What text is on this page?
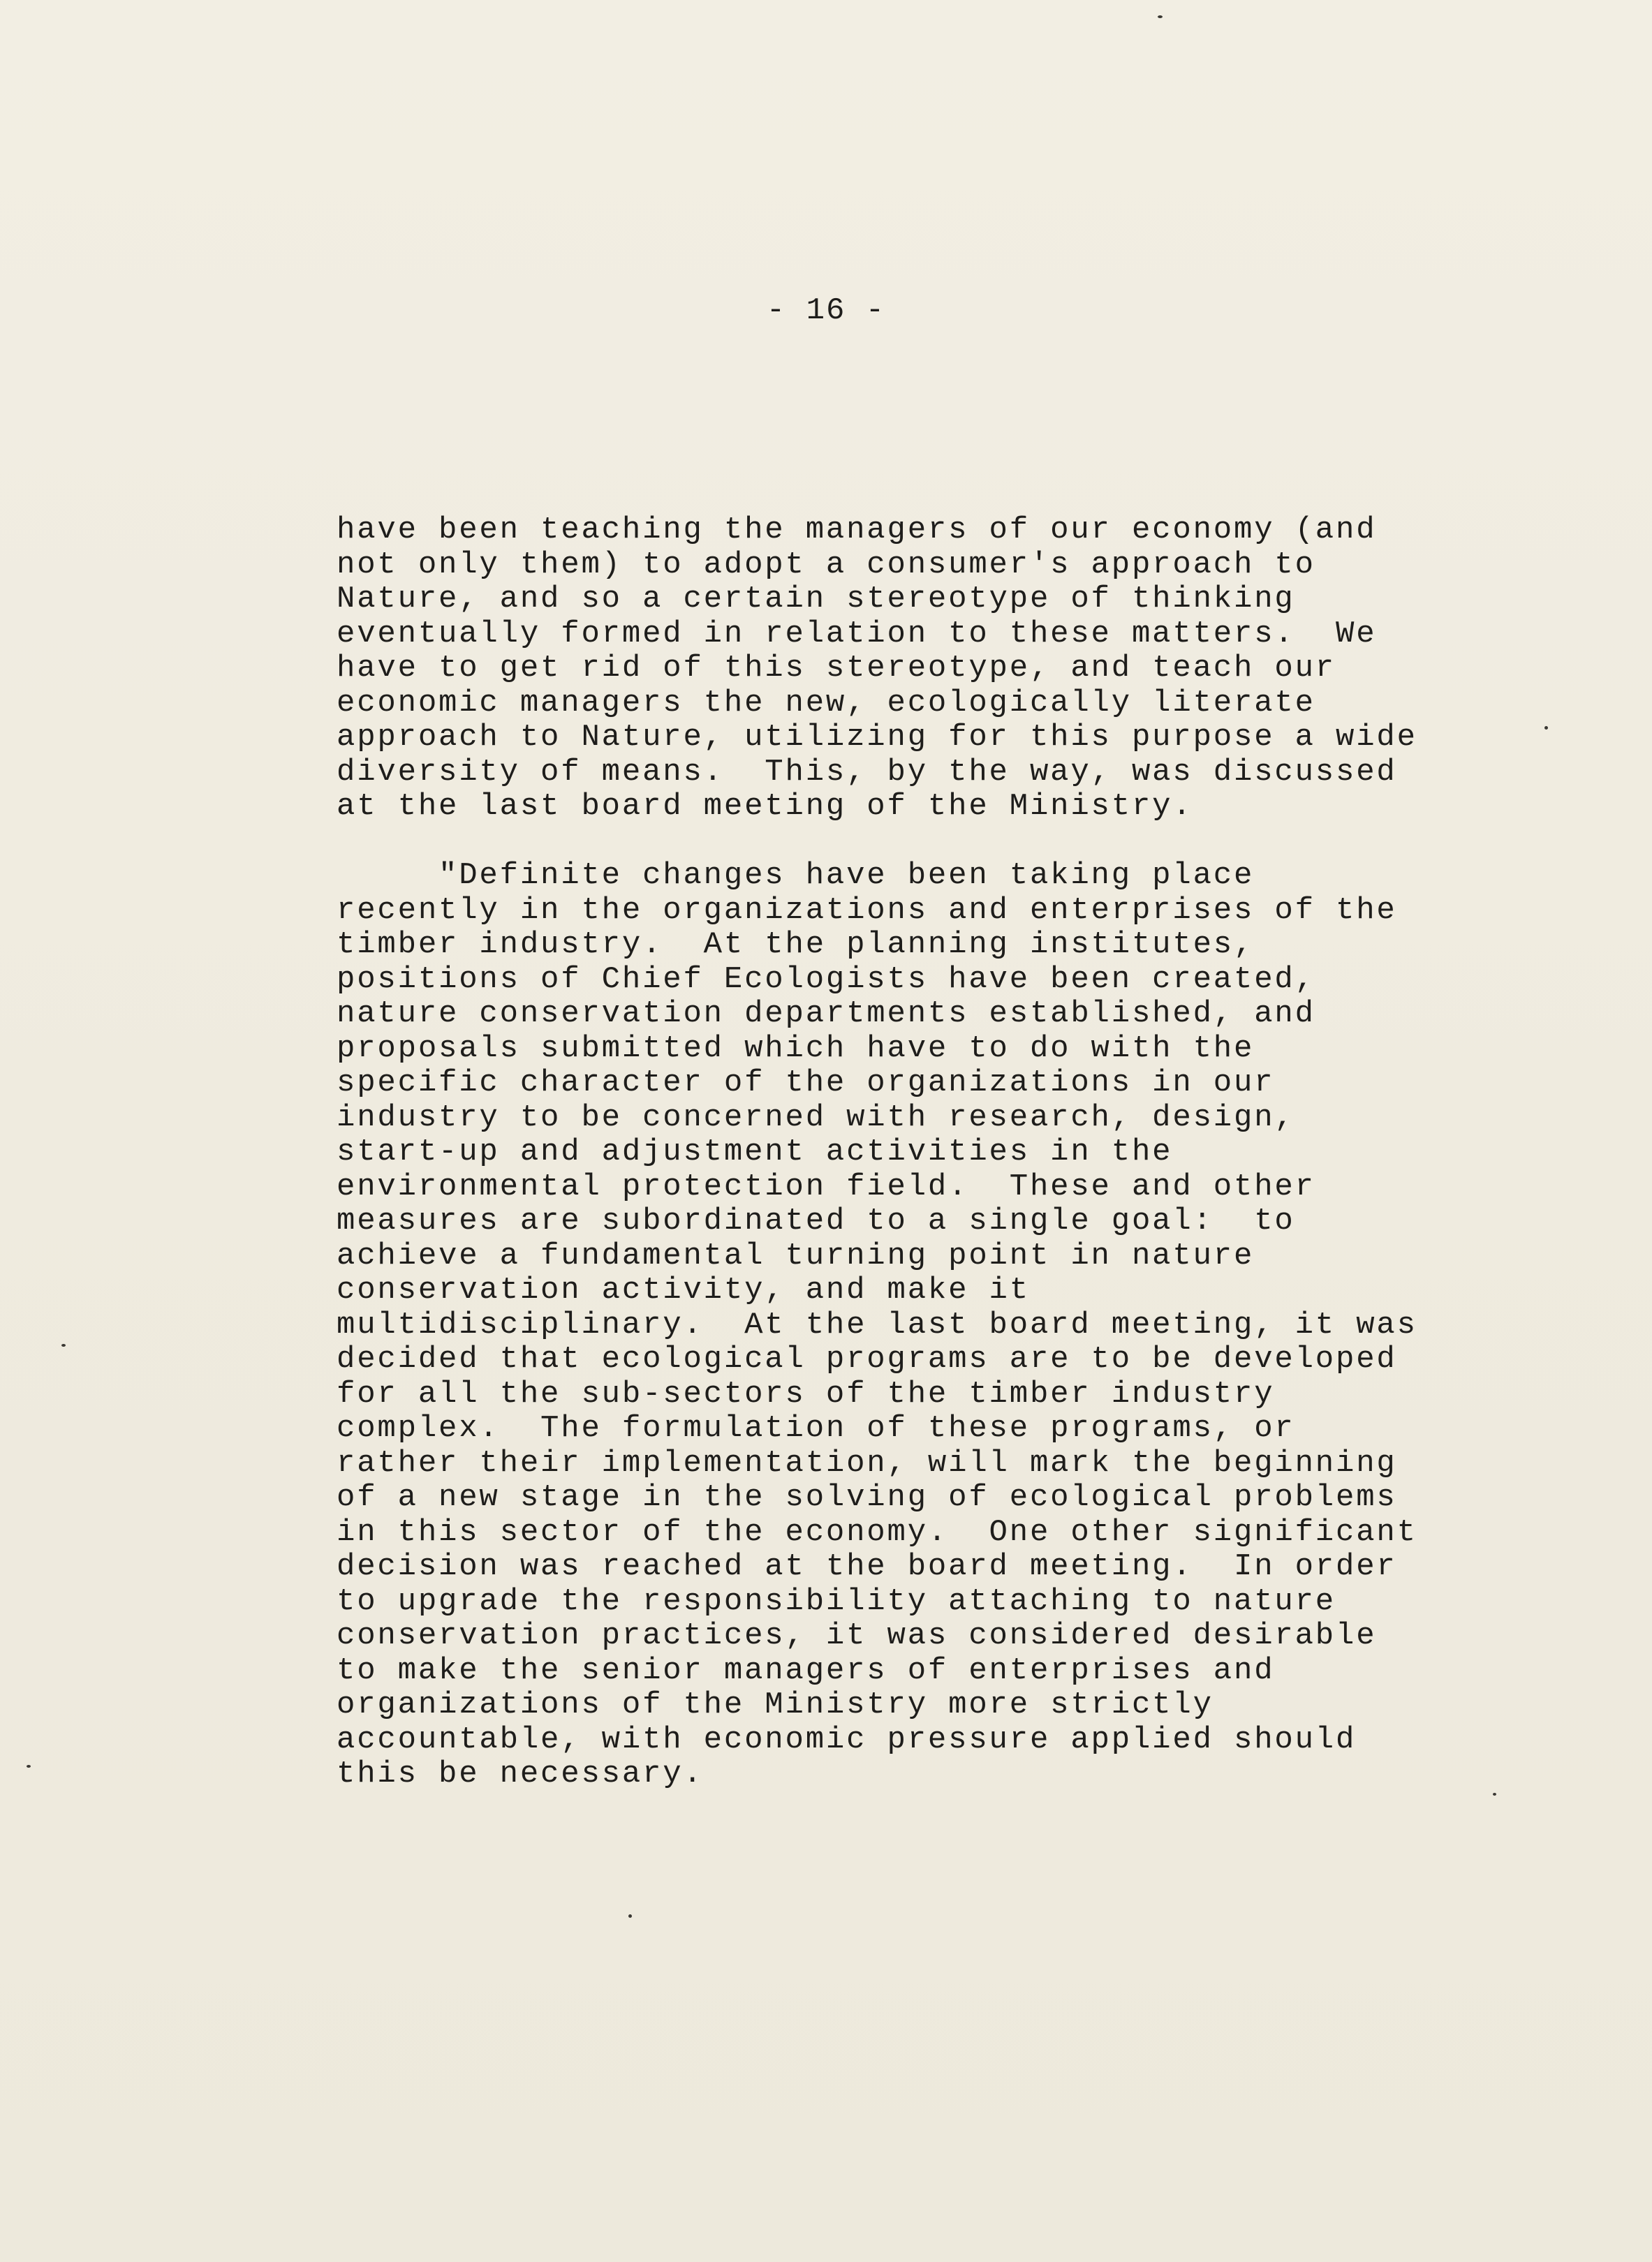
- 16 -
have been teaching the managers of our economy (and
not only them) to adopt a consumer's approach to
Nature, and so a certain stereotype of thinking
eventually formed in relation to these matters.  We
have to get rid of this stereotype, and teach our
economic managers the new, ecologically literate
approach to Nature, utilizing for this purpose a wide
diversity of means.  This, by the way, was discussed
at the last board meeting of the Ministry.
"Definite changes have been taking place
recently in the organizations and enterprises of the
timber industry.  At the planning institutes,
positions of Chief Ecologists have been created,
nature conservation departments established, and
proposals submitted which have to do with the
specific character of the organizations in our
industry to be concerned with research, design,
start-up and adjustment activities in the
environmental protection field.  These and other
measures are subordinated to a single goal:  to
achieve a fundamental turning point in nature
conservation activity, and make it
multidisciplinary.  At the last board meeting, it was
decided that ecological programs are to be developed
for all the sub-sectors of the timber industry
complex.  The formulation of these programs, or
rather their implementation, will mark the beginning
of a new stage in the solving of ecological problems
in this sector of the economy.  One other significant
decision was reached at the board meeting.  In order
to upgrade the responsibility attaching to nature
conservation practices, it was considered desirable
to make the senior managers of enterprises and
organizations of the Ministry more strictly
accountable, with economic pressure applied should
this be necessary.
